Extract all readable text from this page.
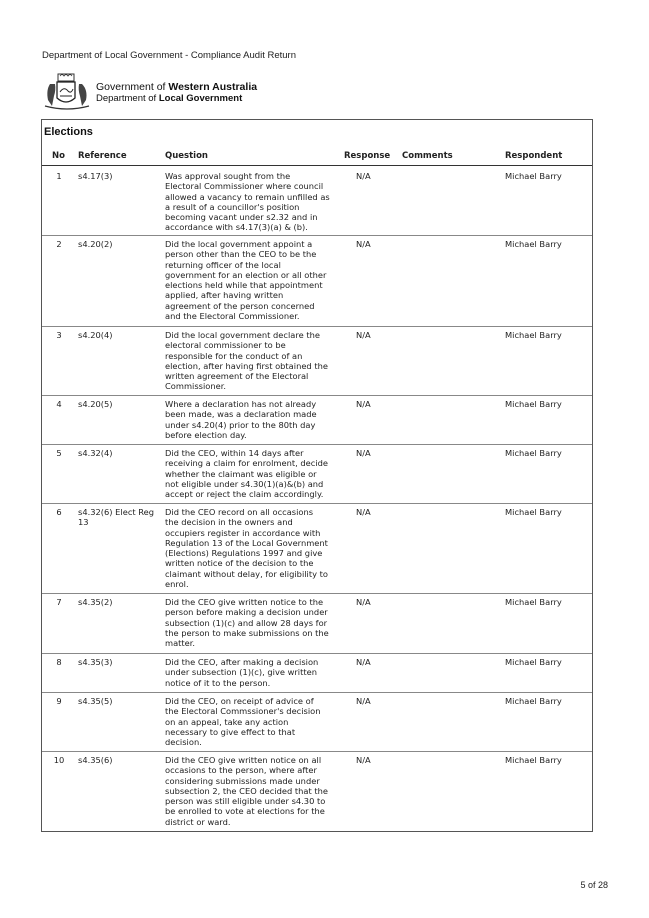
Department of Local Government - Compliance Audit Return
Government of Western Australia
Department of Local Government
Elections
No Reference	Question	Response Comments	Respondent
1	s4.17(3)	Was approval sought from the
Electoral Commissioner where council
allowed a vacancy to remain unfilled as
a result of a councillor's position
becoming vacant under s2.32 and in
accordance with s4.17(3)(a) & (b).
N/A	Michael Barry
2	s4.20(2)	Did the local government appoint a
person other than the CEO to be the
returning officer of the local
government for an election or all other
elections held while that appointment
applied, after having written
agreement of the person concerned
and the Electoral Commissioner.
N/A	Michael Barry
3	s4.20(4)	Did the local government declare the
electoral commissioner to be
responsible for the conduct of an
election, after having first obtained the
written agreement of the Electoral
Commissioner.
N/A	Michael Barry
4	s4.20(5)	Where a declaration has not already
been made, was a declaration made
under s4.20(4) prior to the 80th day
before election day.
N/A	Michael Barry
5	s4.32(4)	Did the CEO, within 14 days after
receiving a claim for enrolment, decide
whether the claimant was eligible or
not eligible under s4.30(1)(a)&(b) and
accept or reject the claim accordingly.
N/A	Michael Barry
6	s4.32(6) Elect Reg
13
Did the CEO record on all occasions
the decision in the owners and
occupiers register in accordance with
Regulation 13 of the Local Government
(Elections) Regulations 1997 and give
written notice of the decision to the
claimant without delay, for eligibility to
enrol.
N/A	Michael Barry
7	s4.35(2)	Did the CEO give written notice to the
person before making a decision under
subsection (1)(c) and allow 28 days for
the person to make submissions on the
matter.
N/A	Michael Barry
8	s4.35(3)	Did the CEO, after making a decision
under subsection (1)(c), give written
notice of it to the person.
N/A	Michael Barry
9	s4.35(5)	Did the CEO, on receipt of advice of
the Electoral Commssioner's decision
on an appeal, take any action
necessary to give effect to that
decision.
N/A	Michael Barry
10	s4.35(6)	Did the CEO give written notice on all
occasions to the person, where after
considering submissions made under
subsection 2, the CEO decided that the
person was still eligible under s4.30 to
be enrolled to vote at elections for the
district or ward.
N/A	Michael Barry
5 of 28
